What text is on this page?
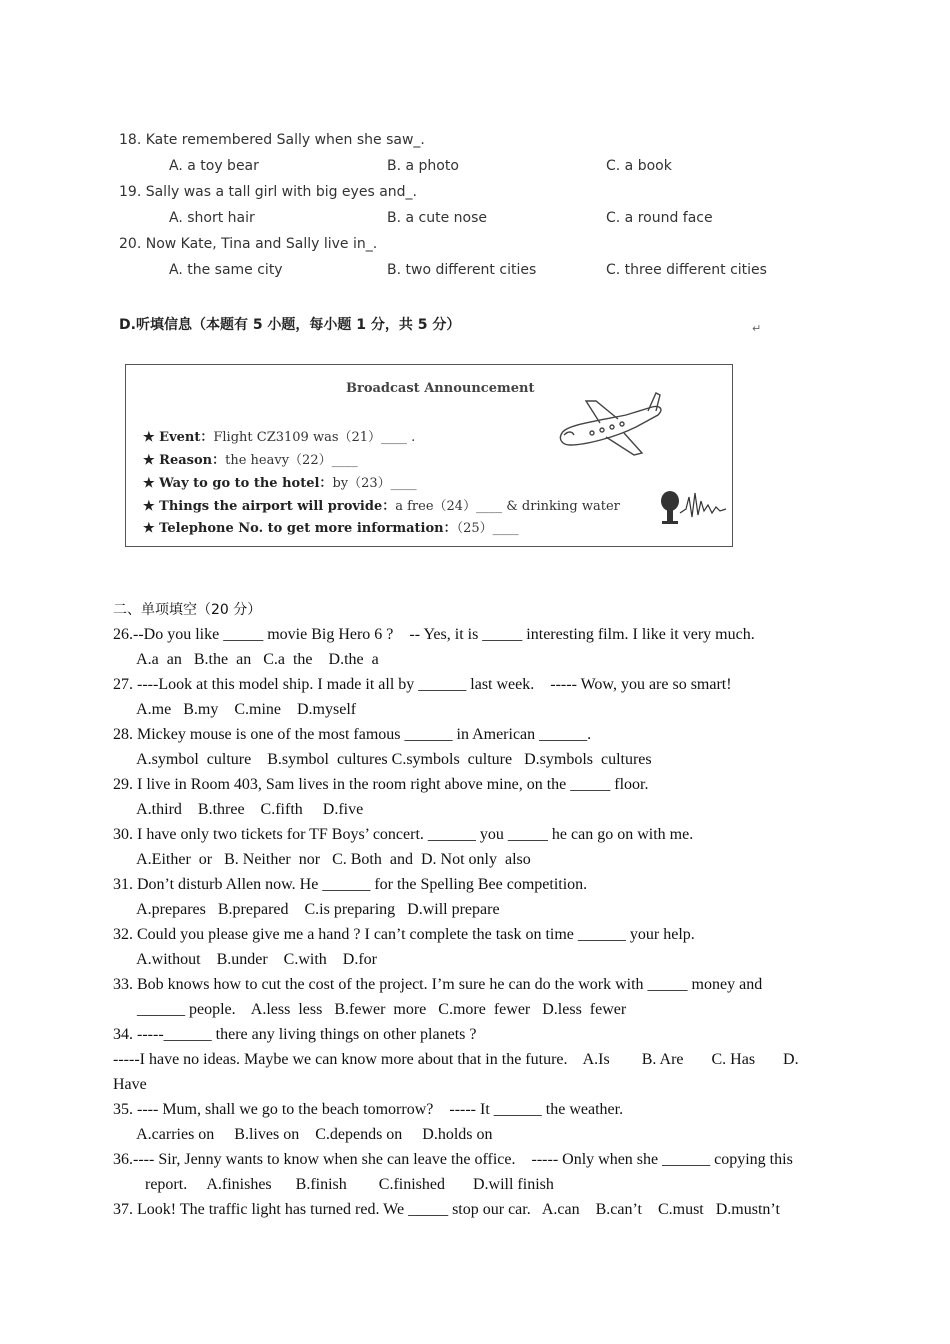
18. Kate remembered Sally when she saw_.
A. a toy bear	B. a photo	C. a book
19. Sally was a tall girl with big eyes and_.
A. short hair	B. a cute nose	C. a round face
20. Now Kate, Tina and Sally live in_.
A. the same city	B. two different cities	C. three different cities
D.听填信息（本题有 5 小题，每小题 1 分，共 5 分）	↵
Broadcast Announcement
★ Event：Flight CZ3109 was（21）____ .
★ Reason：the heavy（22）____
★ Way to go to the hotel：by（23）____
★ Things the airport will provide：a free（24）____ & drinking water
★ Telephone No. to get more information：（25）____
二、单项填空（20 分）
26.--Do you like _____ movie Big Hero 6 ?    -- Yes, it is _____ interesting film. I like it very much.
A.a  an   B.the  an   C.a  the    D.the  a
27. ----Look at this model ship. I made it all by ______ last week.    ----- Wow, you are so smart!
A.me   B.my    C.mine    D.myself
28. Mickey mouse is one of the most famous ______ in American ______.
A.symbol  culture    B.symbol  cultures C.symbols  culture   D.symbols  cultures
29. I live in Room 403, Sam lives in the room right above mine, on the _____ floor.
A.third    B.three    C.fifth     D.five
30. I have only two tickets for TF Boys’ concert. ______ you _____ he can go on with me.
A.Either  or   B. Neither  nor   C. Both  and  D. Not only  also
31. Don’t disturb Allen now. He ______ for the Spelling Bee competition.
A.prepares   B.prepared    C.is preparing   D.will prepare
32. Could you please give me a hand ? I can’t complete the task on time ______ your help.
A.without    B.under    C.with    D.for
33. Bob knows how to cut the cost of the project. I’m sure he can do the work with _____ money and
______ people.    A.less  less   B.fewer  more   C.more  fewer   D.less  fewer
34. -----______ there any living things on other planets ?
-----I have no ideas. Maybe we can know more about that in the future.    A.Is        B. Are       C. Has       D.
Have
35. ---- Mum, shall we go to the beach tomorrow?    ----- It ______ the weather.
A.carries on     B.lives on    C.depends on     D.holds on
36.---- Sir, Jenny wants to know when she can leave the office.    ----- Only when she ______ copying this
report.     A.finishes      B.finish        C.finished       D.will finish
37. Look! The traffic light has turned red. We _____ stop our car.   A.can    B.can’t    C.must   D.mustn’t
